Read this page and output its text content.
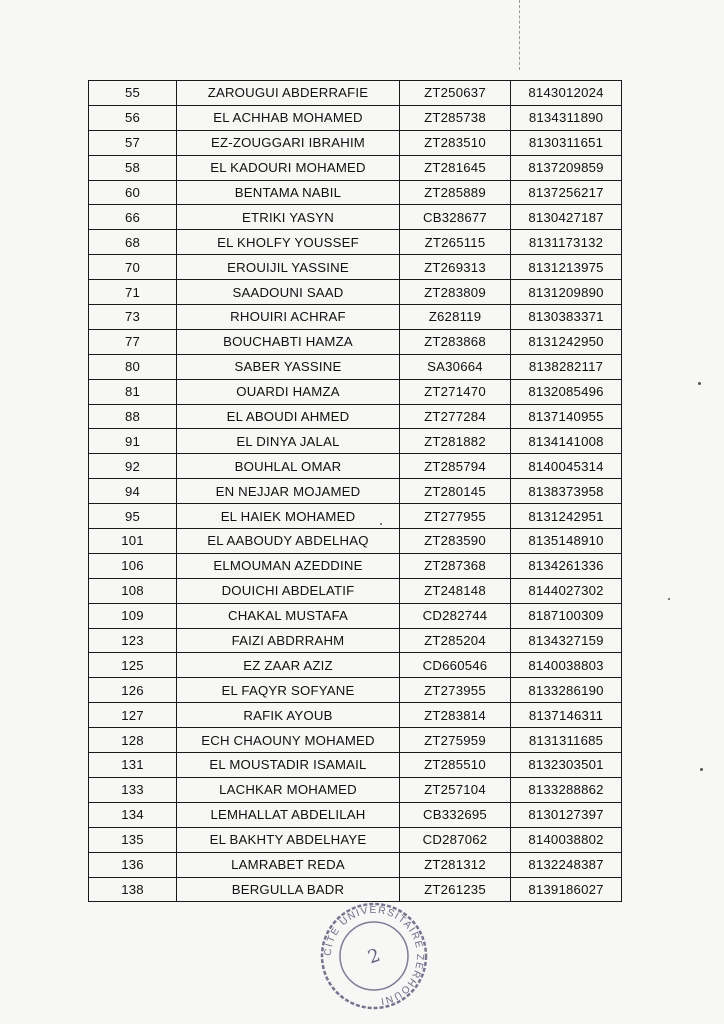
55	ZAROUGUI ABDERRAFIE	ZT250637	8143012024
56	EL ACHHAB MOHAMED	ZT285738	8134311890
57	EZ-ZOUGGARI IBRAHIM	ZT283510	8130311651
58	EL KADOURI MOHAMED	ZT281645	8137209859
60	BENTAMA NABIL	ZT285889	8137256217
66	ETRIKI YASYN	CB328677	8130427187
68	EL KHOLFY YOUSSEF	ZT265115	8131173132
70	EROUIJIL YASSINE	ZT269313	8131213975
71	SAADOUNI SAAD	ZT283809	8131209890
73	RHOUIRI ACHRAF	Z628119	8130383371
77	BOUCHABTI HAMZA	ZT283868	8131242950
80	SABER YASSINE	SA30664	8138282117
81	OUARDI HAMZA	ZT271470	8132085496
88	EL ABOUDI AHMED	ZT277284	8137140955
91	EL DINYA JALAL	ZT281882	8134141008
92	BOUHLAL OMAR	ZT285794	8140045314
94	EN NEJJAR MOJAMED	ZT280145	8138373958
95	EL HAIEK MOHAMED	ZT277955	8131242951
101	EL AABOUDY ABDELHAQ	ZT283590	8135148910
106	ELMOUMAN AZEDDINE	ZT287368	8134261336
108	DOUICHI ABDELATIF	ZT248148	8144027302
109	CHAKAL MUSTAFA	CD282744	8187100309
123	FAIZI ABDRRAHM	ZT285204	8134327159
125	EZ ZAAR AZIZ	CD660546	8140038803
126	EL FAQYR SOFYANE	ZT273955	8133286190
127	RAFIK AYOUB	ZT283814	8137146311
128	ECH CHAOUNY MOHAMED	ZT275959	8131311685
131	EL MOUSTADIR ISAMAIL	ZT285510	8132303501
133	LACHKAR MOHAMED	ZT257104	8133288862
134	LEMHALLAT ABDELILAH	CB332695	8130127397
135	EL BAKHTY ABDELHAYE	CD287062	8140038802
136	LAMRABET REDA	ZT281312	8132248387
138	BERGULLA BADR	ZT261235	8139186027
CITE UNIVERSITAIRE ZERHOUNI
2
